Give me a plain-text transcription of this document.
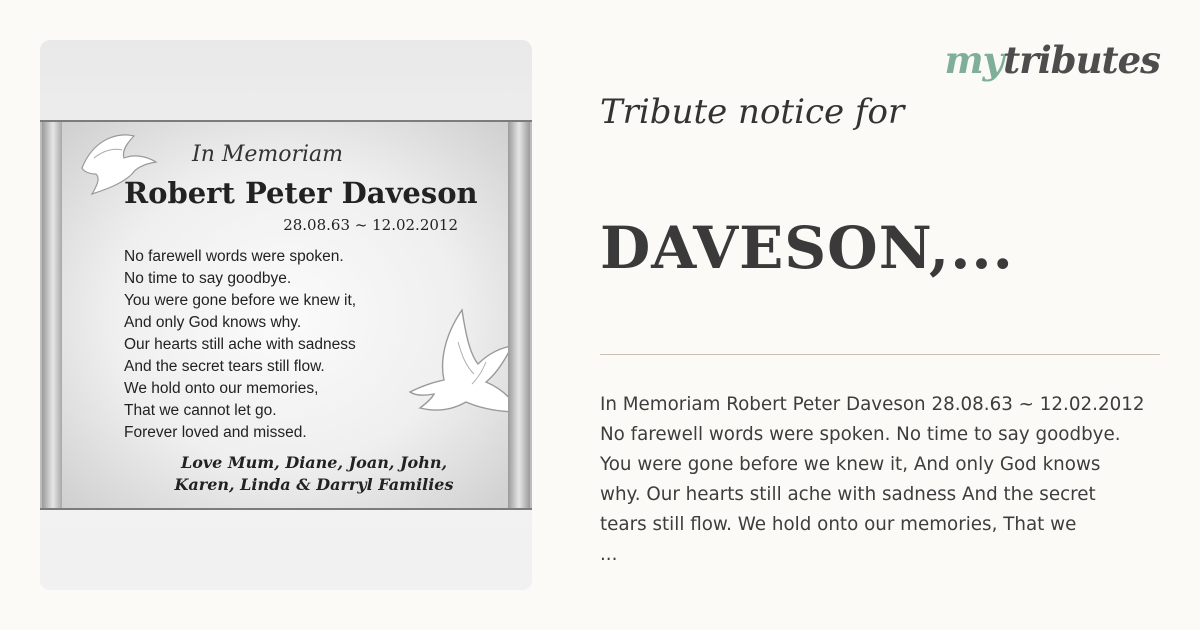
In Memoriam
Robert Peter Daveson
28.08.63 ~ 12.02.2012
No farewell words were spoken.
No time to say goodbye.
You were gone before we knew it,
And only God knows why.
Our hearts still ache with sadness
And the secret tears still flow.
We hold onto our memories,
That we cannot let go.
Forever loved and missed.
Love Mum, Diane, Joan, John,
Karen, Linda & Darryl Families
mytributes
Tribute notice for
DAVESON,...
In Memoriam Robert Peter Daveson 28.08.63 ~ 12.02.2012
No farewell words were spoken. No time to say goodbye.
You were gone before we knew it, And only God knows
why. Our hearts still ache with sadness And the secret
tears still flow. We hold onto our memories, That we
...
